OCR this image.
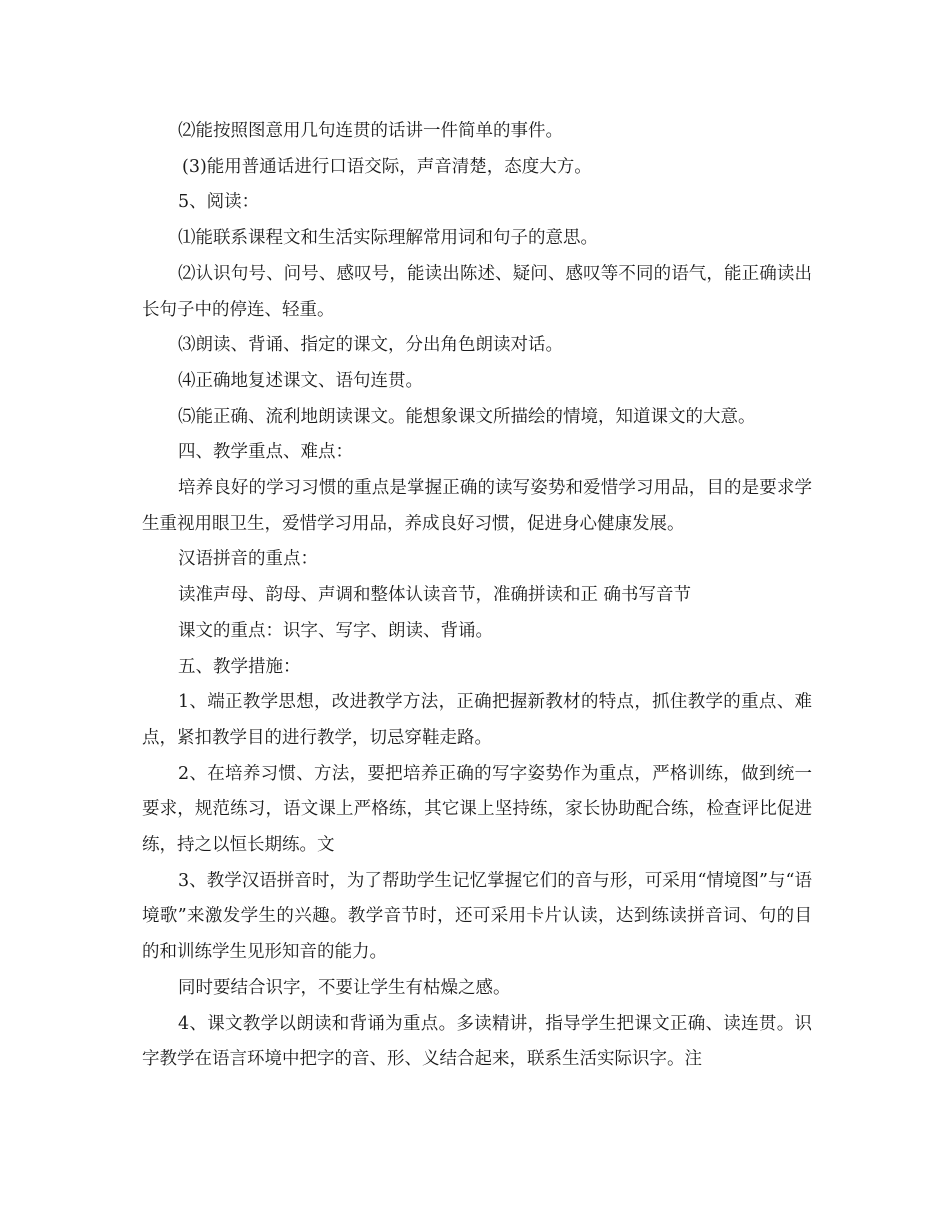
⑵能按照图意用几句连贯的话讲一件简单的事件。

(3)能用普通话进行口语交际，声音清楚，态度大方。

5、阅读：

⑴能联系课程文和生活实际理解常用词和句子的意思。

⑵认识句号、问号、感叹号，能读出陈述、疑问、感叹等不同的语气，能正确读出长句子中的停连、轻重。

⑶朗读、背诵、指定的课文，分出角色朗读对话。

⑷正确地复述课文、语句连贯。

⑸能正确、流利地朗读课文。能想象课文所描绘的情境，知道课文的大意。

四、教学重点、难点：

培养良好的学习习惯的重点是掌握正确的读写姿势和爱惜学习用品，目的是要求学生重视用眼卫生，爱惜学习用品，养成良好习惯，促进身心健康发展。

汉语拼音的重点：

读准声母、韵母、声调和整体认读音节，准确拼读和正 确书写音节

课文的重点：识字、写字、朗读、背诵。

五、教学措施：

1、端正教学思想，改进教学方法，正确把握新教材的特点，抓住教学的重点、难点，紧扣教学目的进行教学，切忌穿鞋走路。

2、在培养习惯、方法，要把培养正确的写字姿势作为重点，严格训练，做到统一要求，规范练习，语文课上严格练，其它课上坚持练，家长协助配合练，检查评比促进练，持之以恒长期练。文

3、教学汉语拼音时，为了帮助学生记忆掌握它们的音与形，可采用“情境图”与“语境歌”来激发学生的兴趣。教学音节时，还可采用卡片认读，达到练读拼音词、句的目的和训练学生见形知音的能力。

同时要结合识字，不要让学生有枯燥之感。

4、课文教学以朗读和背诵为重点。多读精讲，指导学生把课文正确、读连贯。识字教学在语言环境中把字的音、形、义结合起来，联系生活实际识字。注
